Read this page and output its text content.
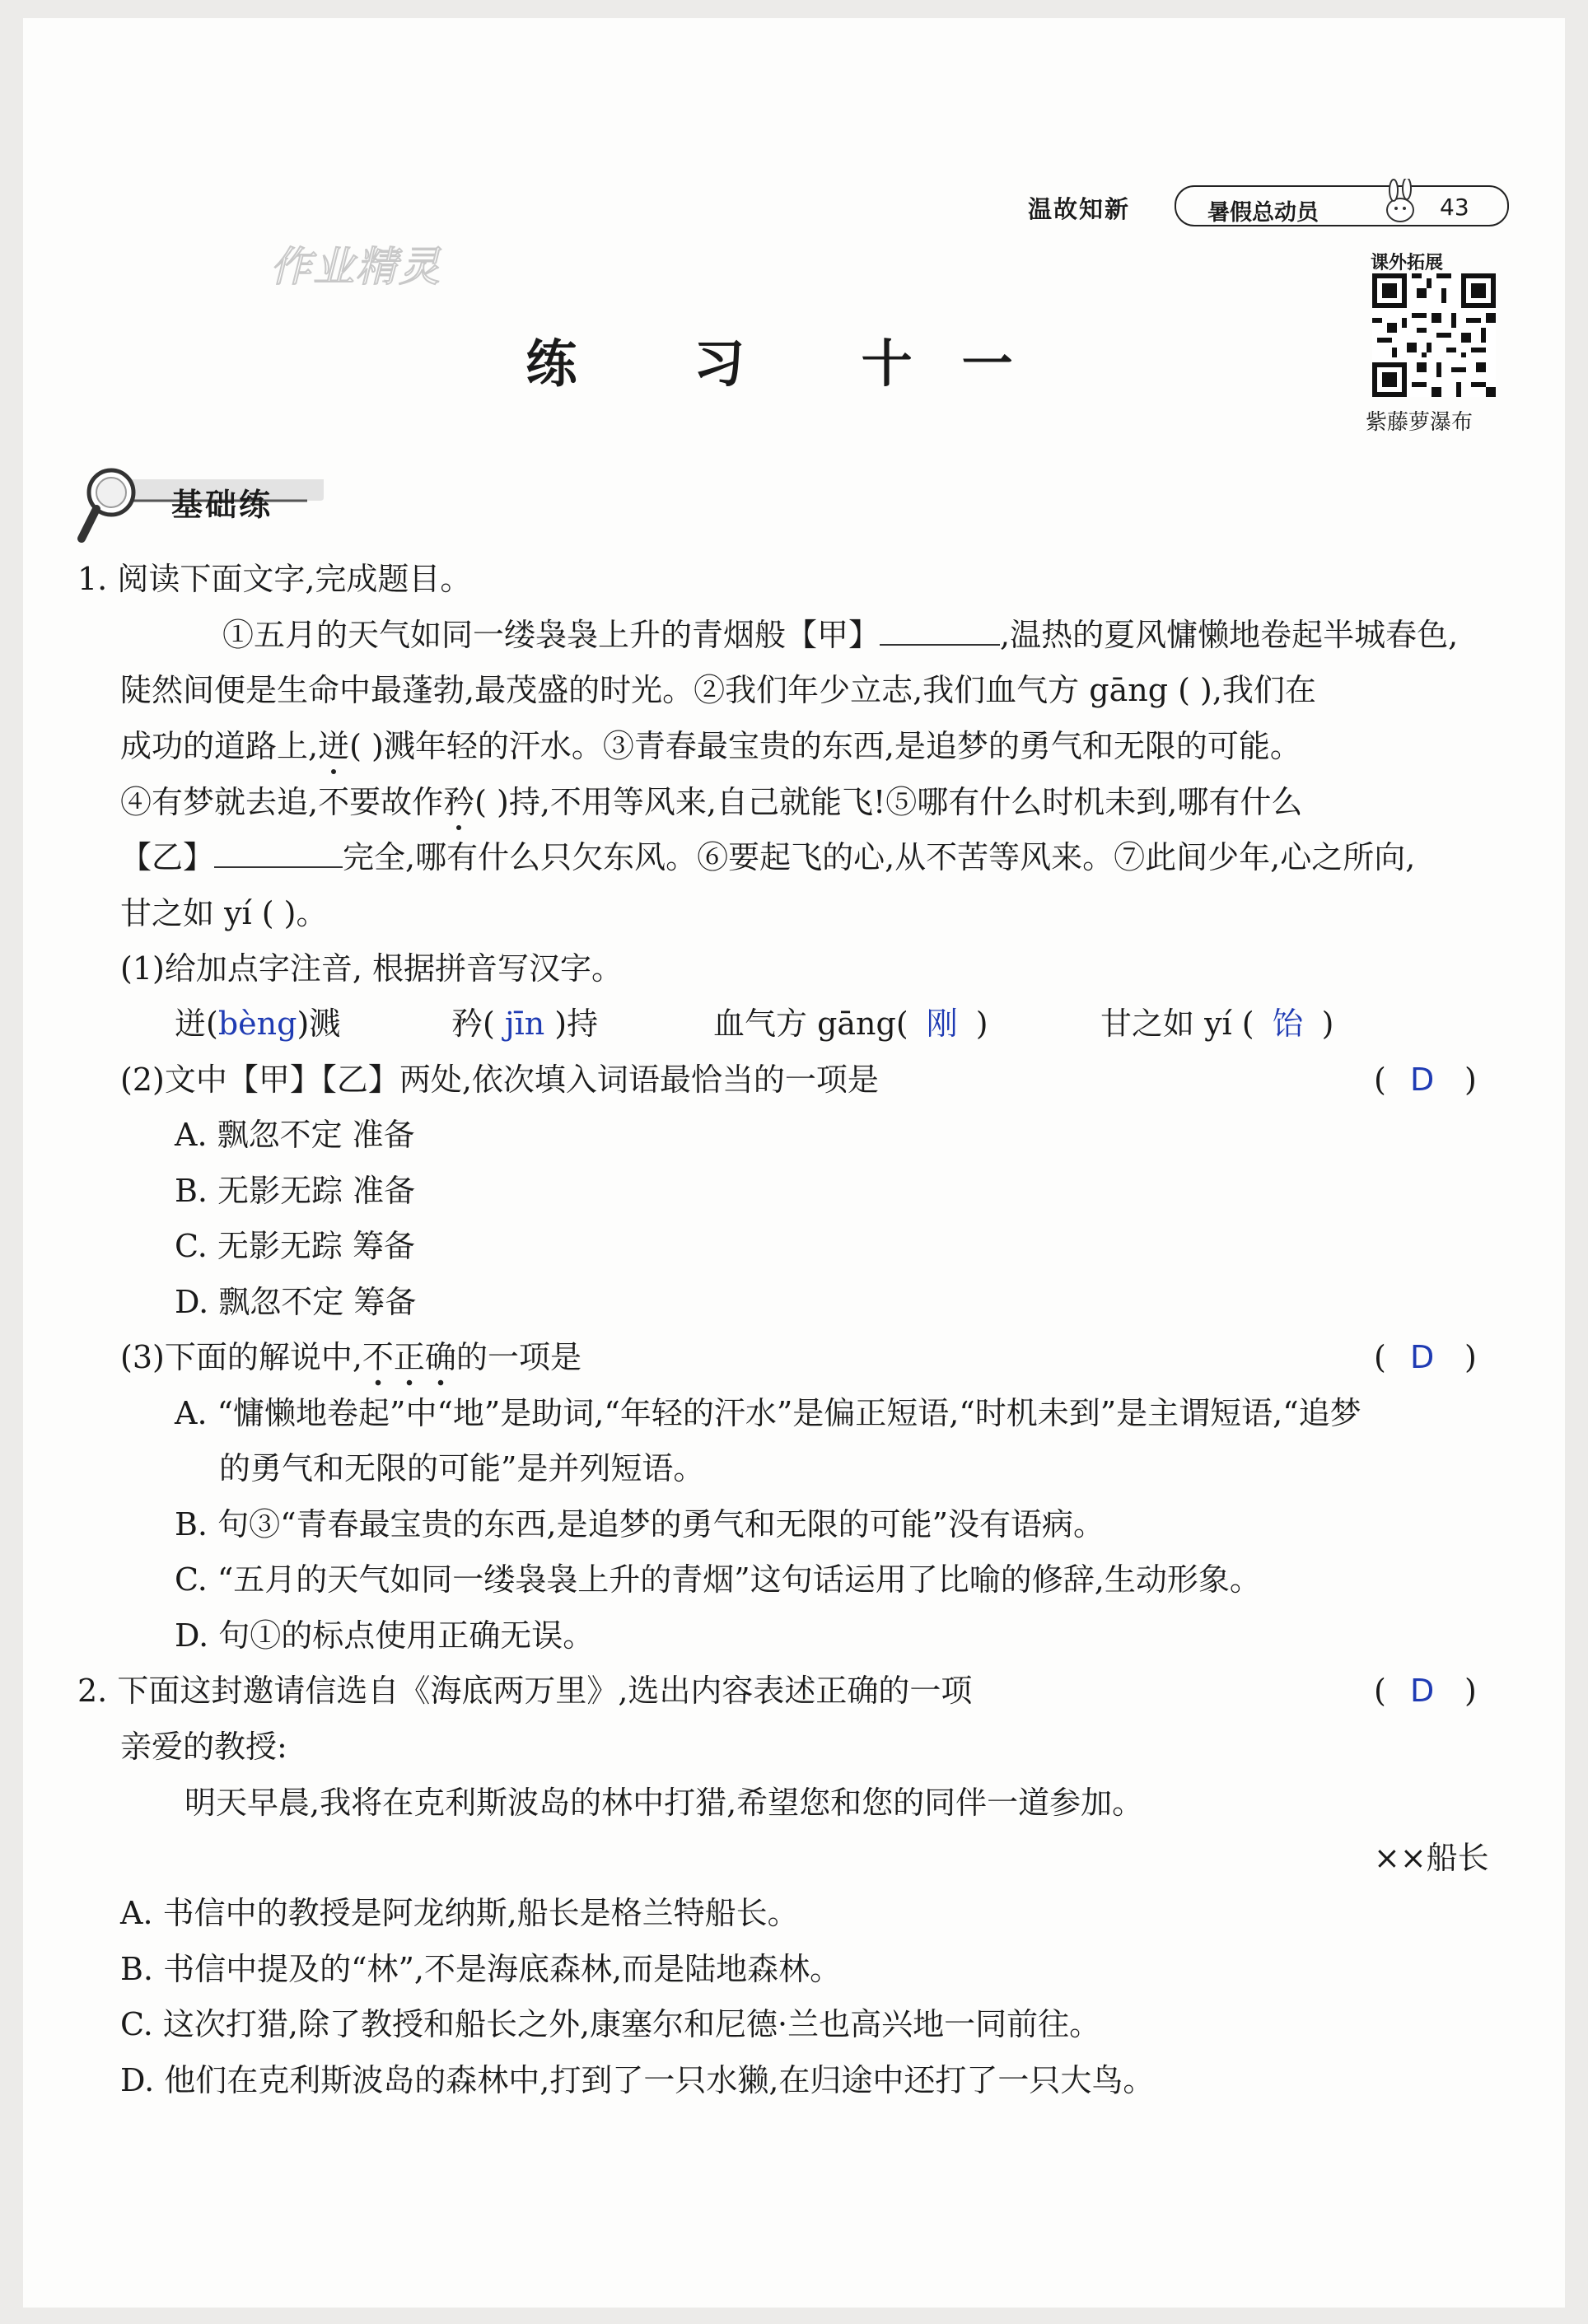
温故知新	暑假总动员	43
作业精灵	课外拓展
紫藤萝瀑布
练 习 十一
基础练
1. 阅读下面文字,完成题目。
①五月的天气如同一缕袅袅上升的青烟般【甲】	,温热的夏风慵懒地卷起半城春色,
陡然间便是生命中最蓬勃,最茂盛的时光。②我们年少立志,我们血气方 gāng ( ),我们在
成功的道路上,迸( )溅年轻的汗水。③青春最宝贵的东西,是追梦的勇气和无限的可能。
④有梦就去追,不要故作矜( )持,不用等风来,自己就能飞!⑤哪有什么时机未到,哪有什么
【乙】	完全,哪有什么只欠东风。⑥要起飞的心,从不苦等风来。⑦此间少年,心之所向,
甘之如 yí ( )。
(1)给加点字注音, 根据拼音写汉字。
迸(bèng)溅	矜( jīn )持	血气方 gāng( 刚 )	甘之如 yí ( 饴 )
(2)文中【甲】【乙】两处,依次填入词语最恰当的一项是	( D )
A. 飘忽不定 准备
B. 无影无踪 准备
C. 无影无踪 筹备
D. 飘忽不定 筹备
(3)下面的解说中,不正确的一项是	( D )
A. “慵懒地卷起”中“地”是助词,“年轻的汗水”是偏正短语,“时机未到”是主谓短语,“追梦
的勇气和无限的可能”是并列短语。
B. 句③“青春最宝贵的东西,是追梦的勇气和无限的可能”没有语病。
C. “五月的天气如同一缕袅袅上升的青烟”这句话运用了比喻的修辞,生动形象。
D. 句①的标点使用正确无误。
2. 下面这封邀请信选自《海底两万里》,选出内容表述正确的一项	( D )
亲爱的教授:
明天早晨,我将在克利斯波岛的林中打猎,希望您和您的同伴一道参加。
××船长
A. 书信中的教授是阿龙纳斯,船长是格兰特船长。
B. 书信中提及的“林”,不是海底森林,而是陆地森林。
C. 这次打猎,除了教授和船长之外,康塞尔和尼德·兰也高兴地一同前往。
D. 他们在克利斯波岛的森林中,打到了一只水獭,在归途中还打了一只大鸟。
